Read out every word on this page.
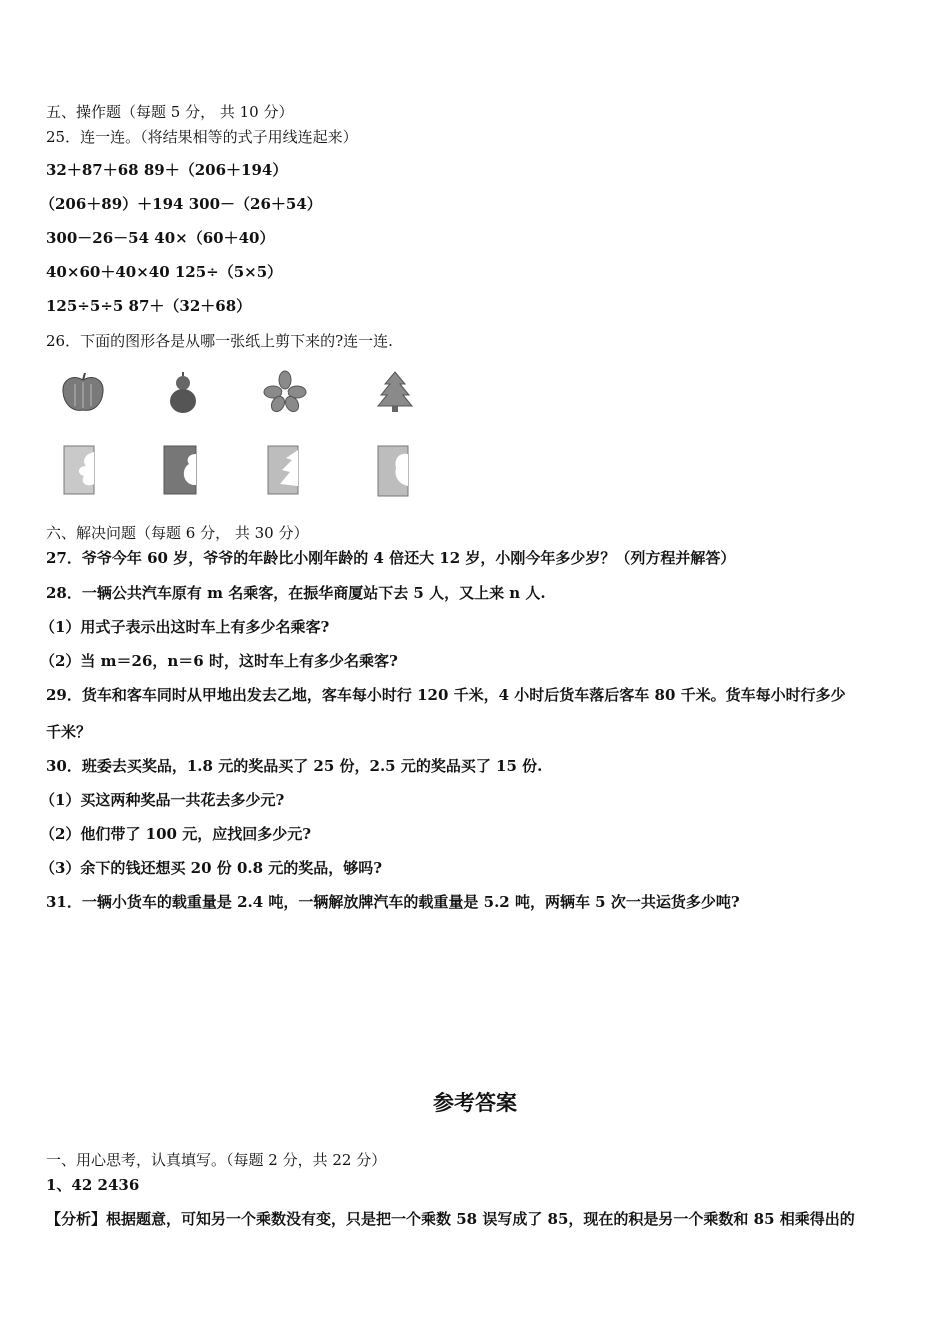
五、操作题（每题 5 分， 共 10 分）
25．连一连。（将结果相等的式子用线连起来）
32＋87＋68 89＋（206＋194）
（206＋89）＋194 300－（26＋54）
300－26－54 40×（60＋40）
40×60＋40×40 125÷（5×5）
125÷5÷5 87＋（32＋68）
26．下面的图形各是从哪一张纸上剪下来的?连一连.
六、解决问题（每题 6 分， 共 30 分）
27．爷爷今年 60 岁，爷爷的年龄比小刚年龄的 4 倍还大 12 岁，小刚今年多少岁？（列方程并解答）
28．一辆公共汽车原有 m 名乘客，在振华商厦站下去 5 人，又上来 n 人.
（1）用式子表示出这时车上有多少名乘客?
（2）当 m＝26，n＝6 时，这时车上有多少名乘客?
29．货车和客车同时从甲地出发去乙地，客车每小时行 120 千米，4 小时后货车落后客车 80 千米。货车每小时行多少
千米？
30．班委去买奖品，1.8 元的奖品买了 25 份，2.5 元的奖品买了 15 份.
（1）买这两种奖品一共花去多少元?
（2）他们带了 100 元，应找回多少元?
（3）余下的钱还想买 20 份 0.8 元的奖品，够吗?
31．一辆小货车的载重量是 2.4 吨，一辆解放牌汽车的载重量是 5.2 吨，两辆车 5 次一共运货多少吨?
参考答案
一、用心思考，认真填写。（每题 2 分，共 22 分）
1、42 2436
【分析】根据题意，可知另一个乘数没有变，只是把一个乘数 58 误写成了 85，现在的积是另一个乘数和 85 相乘得出的
